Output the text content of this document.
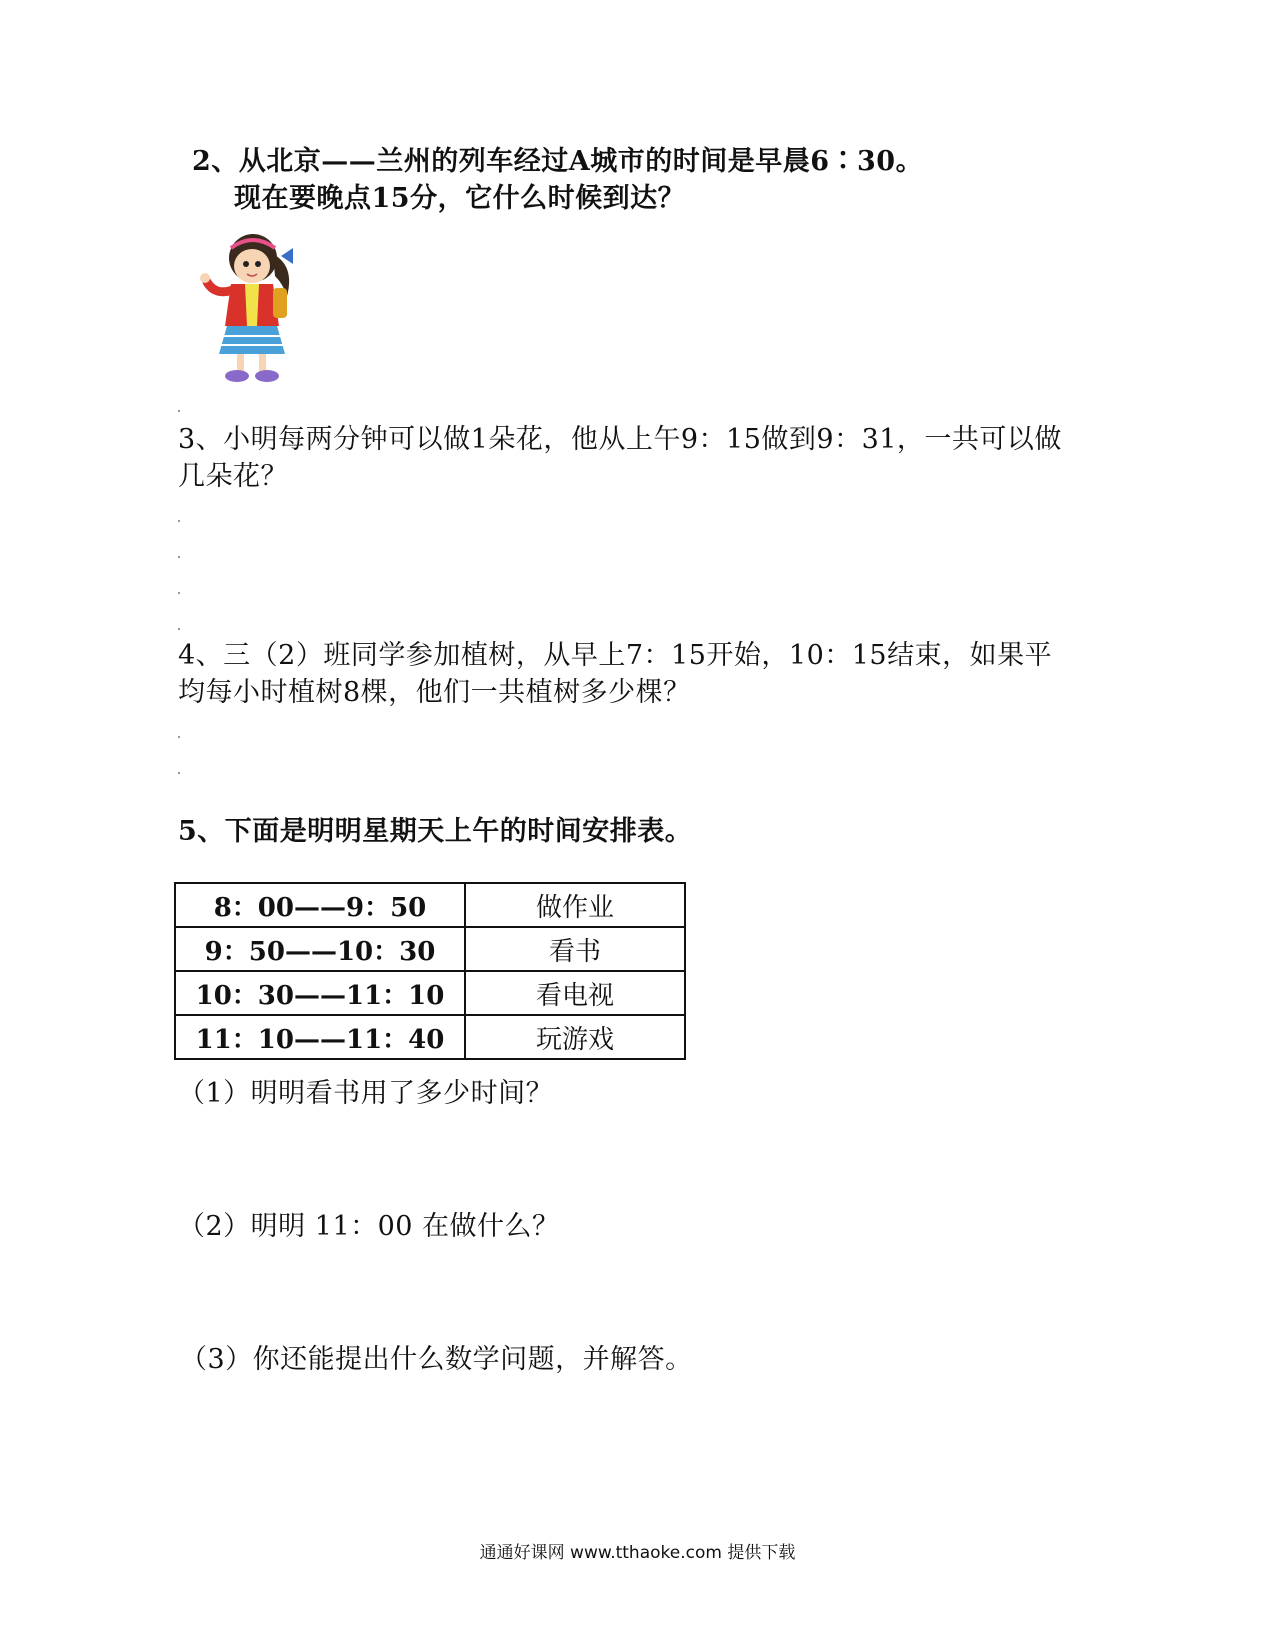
2、从北京——兰州的列车经过A城市的时间是早晨6∶30。
现在要晚点15分，它什么时候到达？
3、小明每两分钟可以做1朵花，他从上午9：15做到9：31，一共可以做
几朵花？
4、三（2）班同学参加植树，从早上7：15开始，10：15结束，如果平
均每小时植树8棵，他们一共植树多少棵？
5、下面是明明星期天上午的时间安排表。
8：00——9：50	做作业
9：50——10：30	看书
10：30——11：10	看电视
11：10——11：40	玩游戏
（1）明明看书用了多少时间？
（2）明明 11：00 在做什么？
（3）你还能提出什么数学问题，并解答。
通通好课网 www.tthaoke.com 提供下载
